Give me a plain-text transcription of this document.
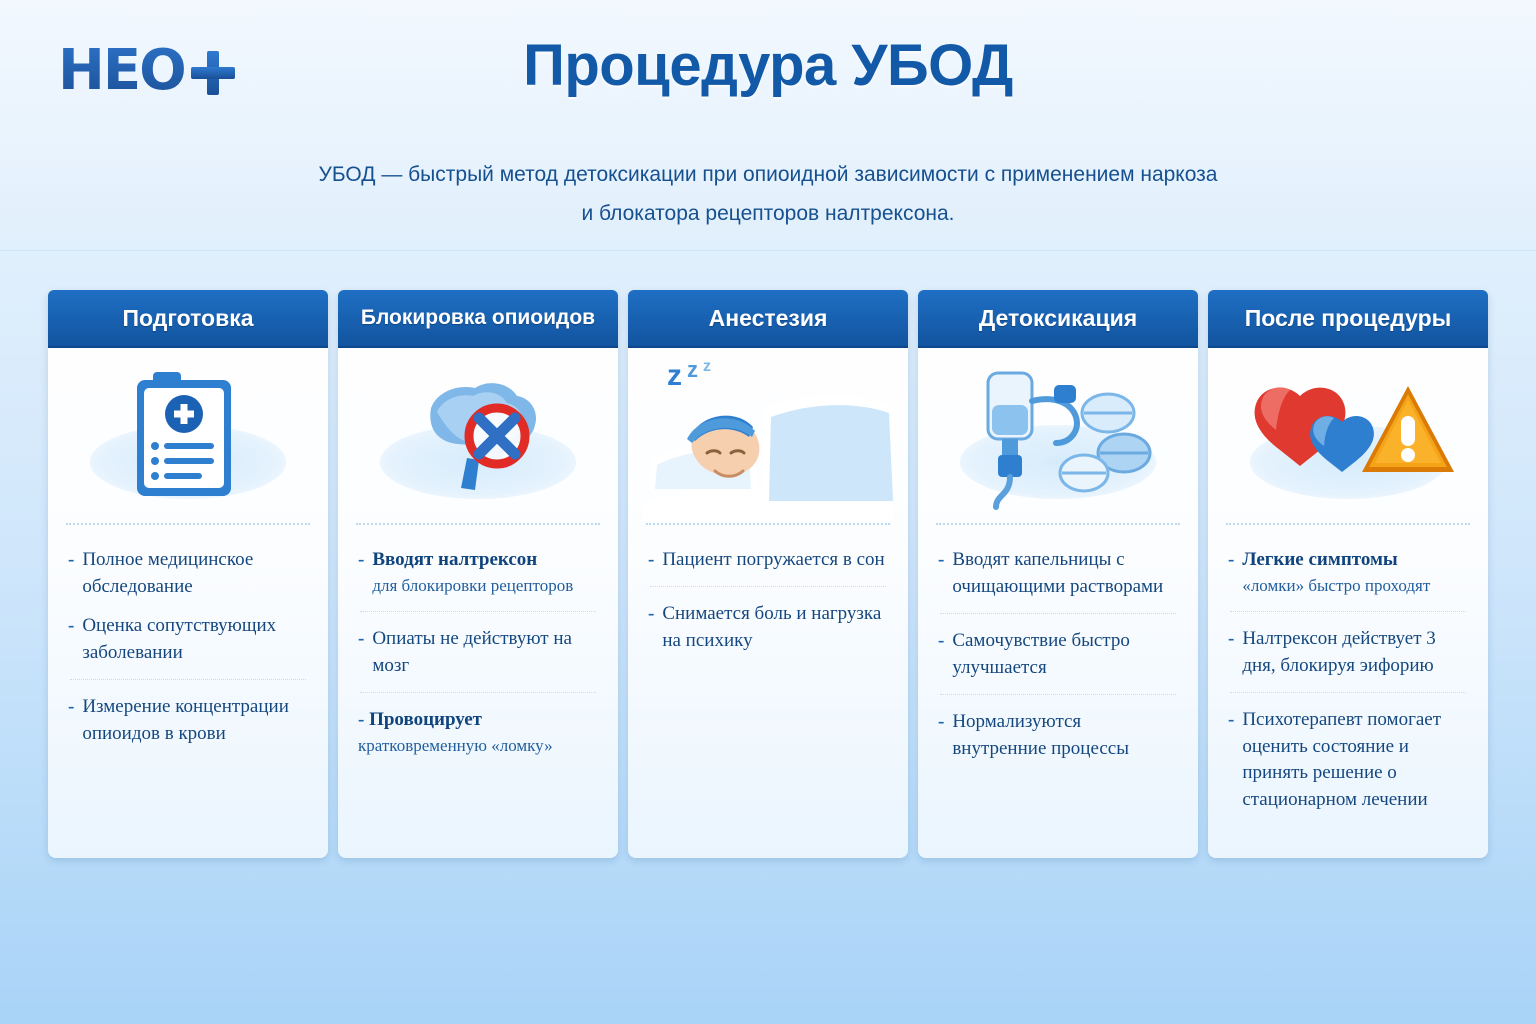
HEO	Процедура УБОД
УБОД — быстрый метод детоксикации при опиоидной зависимости с применением наркоза
и блокатора рецепторов налтрексона.
Подготовка
- Полное медицинское обследование
- Оценка сопутствующих заболевании
- Измерение концентрации опиоидов в крови
Блокировка опиоидов
- Вводят налтрексон
для блокировки рецепторов
- Опиаты не действуют на мозг
- Провоцирует
кратковременную «ломку»
Анестезия
z z z
- Пациент погружается в сон
- Снимается боль и нагрузка на психику
Детоксикация
- Вводят капельницы с очищающими растворами
- Самочувствие быстро улучшается
- Нормализуются внутренние процессы
После процедуры
- Легкие симптомы
«ломки» быстро проходят
- Налтрексон действует 3 дня, блокируя эифорию
- Психотерапевт помогает оценить состояние и принять решение о стационарном лечении
